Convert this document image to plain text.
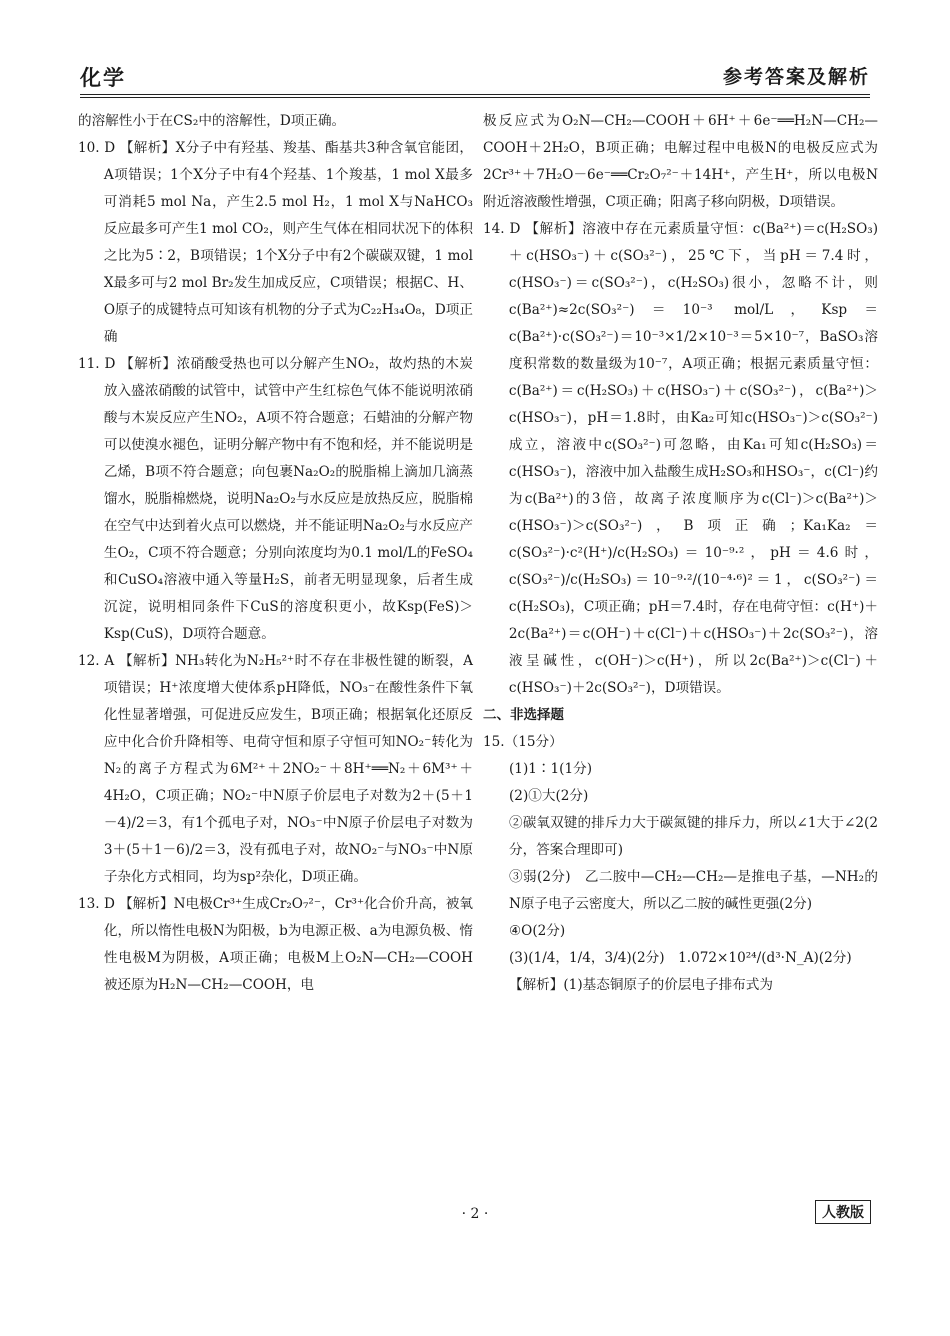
化学	参考答案及解析

的溶解性小于在CS₂中的溶解性，D项正确。

10. D 【解析】X分子中有羟基、羧基、酯基共3种含氧官能团，A项错误；1个X分子中有4个羟基、1个羧基，1 mol X最多可消耗5 mol Na，产生2.5 mol H₂，1 mol X与NaHCO₃反应最多可产生1 mol CO₂，则产生气体在相同状况下的体积之比为5∶2，B项错误；1个X分子中有2个碳碳双键，1 mol X最多可与2 mol Br₂发生加成反应，C项错误；根据C、H、O原子的成键特点可知该有机物的分子式为C₂₂H₃₄O₈，D项正确

11. D 【解析】浓硝酸受热也可以分解产生NO₂，故灼热的木炭放入盛浓硝酸的试管中，试管中产生红棕色气体不能说明浓硝酸与木炭反应产生NO₂，A项不符合题意；石蜡油的分解产物可以使溴水褪色，证明分解产物中有不饱和烃，并不能说明是乙烯，B项不符合题意；向包裹Na₂O₂的脱脂棉上滴加几滴蒸馏水，脱脂棉燃烧，说明Na₂O₂与水反应是放热反应，脱脂棉在空气中达到着火点可以燃烧，并不能证明Na₂O₂与水反应产生O₂，C项不符合题意；分别向浓度均为0.1 mol/L的FeSO₄和CuSO₄溶液中通入等量H₂S，前者无明显现象，后者生成沉淀，说明相同条件下CuS的溶度积更小，故Ksp(FeS)＞Ksp(CuS)，D项符合题意。

12. A 【解析】NH₃转化为N₂H₅²⁺时不存在非极性键的断裂，A项错误；H⁺浓度增大使体系pH降低，NO₃⁻在酸性条件下氧化性显著增强，可促进反应发生，B项正确；根据氧化还原反应中化合价升降相等、电荷守恒和原子守恒可知NO₂⁻转化为N₂的离子方程式为6M²⁺＋2NO₂⁻＋8H⁺══N₂＋6M³⁺＋4H₂O，C项正确；NO₂⁻中N原子价层电子对数为2＋(5＋1－4)/2＝3，有1个孤电子对，NO₃⁻中N原子价层电子对数为3＋(5＋1－6)/2＝3，没有孤电子对，故NO₂⁻与NO₃⁻中N原子杂化方式相同，均为sp²杂化，D项正确。

13. D 【解析】N电极Cr³⁺生成Cr₂O₇²⁻，Cr³⁺化合价升高，被氧化，所以惰性电极N为阳极，b为电源正极、a为电源负极、惰性电极M为阴极，A项正确；电极M上O₂N—CH₂—COOH被还原为H₂N—CH₂—COOH，电

极反应式为O₂N—CH₂—COOH＋6H⁺＋6e⁻══H₂N—CH₂—COOH＋2H₂O，B项正确；电解过程中电极N的电极反应式为2Cr³⁺＋7H₂O－6e⁻══Cr₂O₇²⁻＋14H⁺，产生H⁺，所以电极N附近溶液酸性增强，C项正确；阳离子移向阴极，D项错误。

14. D 【解析】溶液中存在元素质量守恒：c(Ba²⁺)＝c(H₂SO₃)＋c(HSO₃⁻)＋c(SO₃²⁻)，25℃下，当pH＝7.4时，c(HSO₃⁻)＝c(SO₃²⁻)，c(H₂SO₃)很小，忽略不计，则c(Ba²⁺)≈2c(SO₃²⁻)＝10⁻³ mol/L，Ksp＝c(Ba²⁺)·c(SO₃²⁻)＝10⁻³×1/2×10⁻³＝5×10⁻⁷，BaSO₃溶度积常数的数量级为10⁻⁷，A项正确；根据元素质量守恒：c(Ba²⁺)＝c(H₂SO₃)＋c(HSO₃⁻)＋c(SO₃²⁻)，c(Ba²⁺)＞c(HSO₃⁻)，pH＝1.8时，由Ka₂可知c(HSO₃⁻)＞c(SO₃²⁻)成立，溶液中c(SO₃²⁻)可忽略，由Ka₁可知c(H₂SO₃)＝c(HSO₃⁻)，溶液中加入盐酸生成H₂SO₃和HSO₃⁻，c(Cl⁻)约为c(Ba²⁺)的3倍，故离子浓度顺序为c(Cl⁻)＞c(Ba²⁺)＞c(HSO₃⁻)＞c(SO₃²⁻)，B项正确；Ka₁Ka₂＝c(SO₃²⁻)·c²(H⁺)/c(H₂SO₃)＝10⁻⁹·²，pH＝4.6时，c(SO₃²⁻)/c(H₂SO₃)＝10⁻⁹·²/(10⁻⁴·⁶)²＝1，c(SO₃²⁻)＝c(H₂SO₃)，C项正确；pH＝7.4时，存在电荷守恒：c(H⁺)＋2c(Ba²⁺)＝c(OH⁻)＋c(Cl⁻)＋c(HSO₃⁻)＋2c(SO₃²⁻)，溶液呈碱性，c(OH⁻)＞c(H⁺)，所以2c(Ba²⁺)＞c(Cl⁻)＋c(HSO₃⁻)＋2c(SO₃²⁻)，D项错误。

二、非选择题

15.（15分）

(1)1∶1(1分)

(2)①大(2分)

②碳氧双键的排斥力大于碳氮键的排斥力，所以∠1大于∠2(2分，答案合理即可)

③弱(2分)　乙二胺中—CH₂—CH₂—是推电子基，—NH₂的N原子电子云密度大，所以乙二胺的碱性更强(2分)

④O(2分)

(3)(1/4，1/4，3/4)(2分)　1.072×10²⁴/(d³·N_A)(2分)

【解析】(1)基态铜原子的价层电子排布式为

· 2 ·	人教版
